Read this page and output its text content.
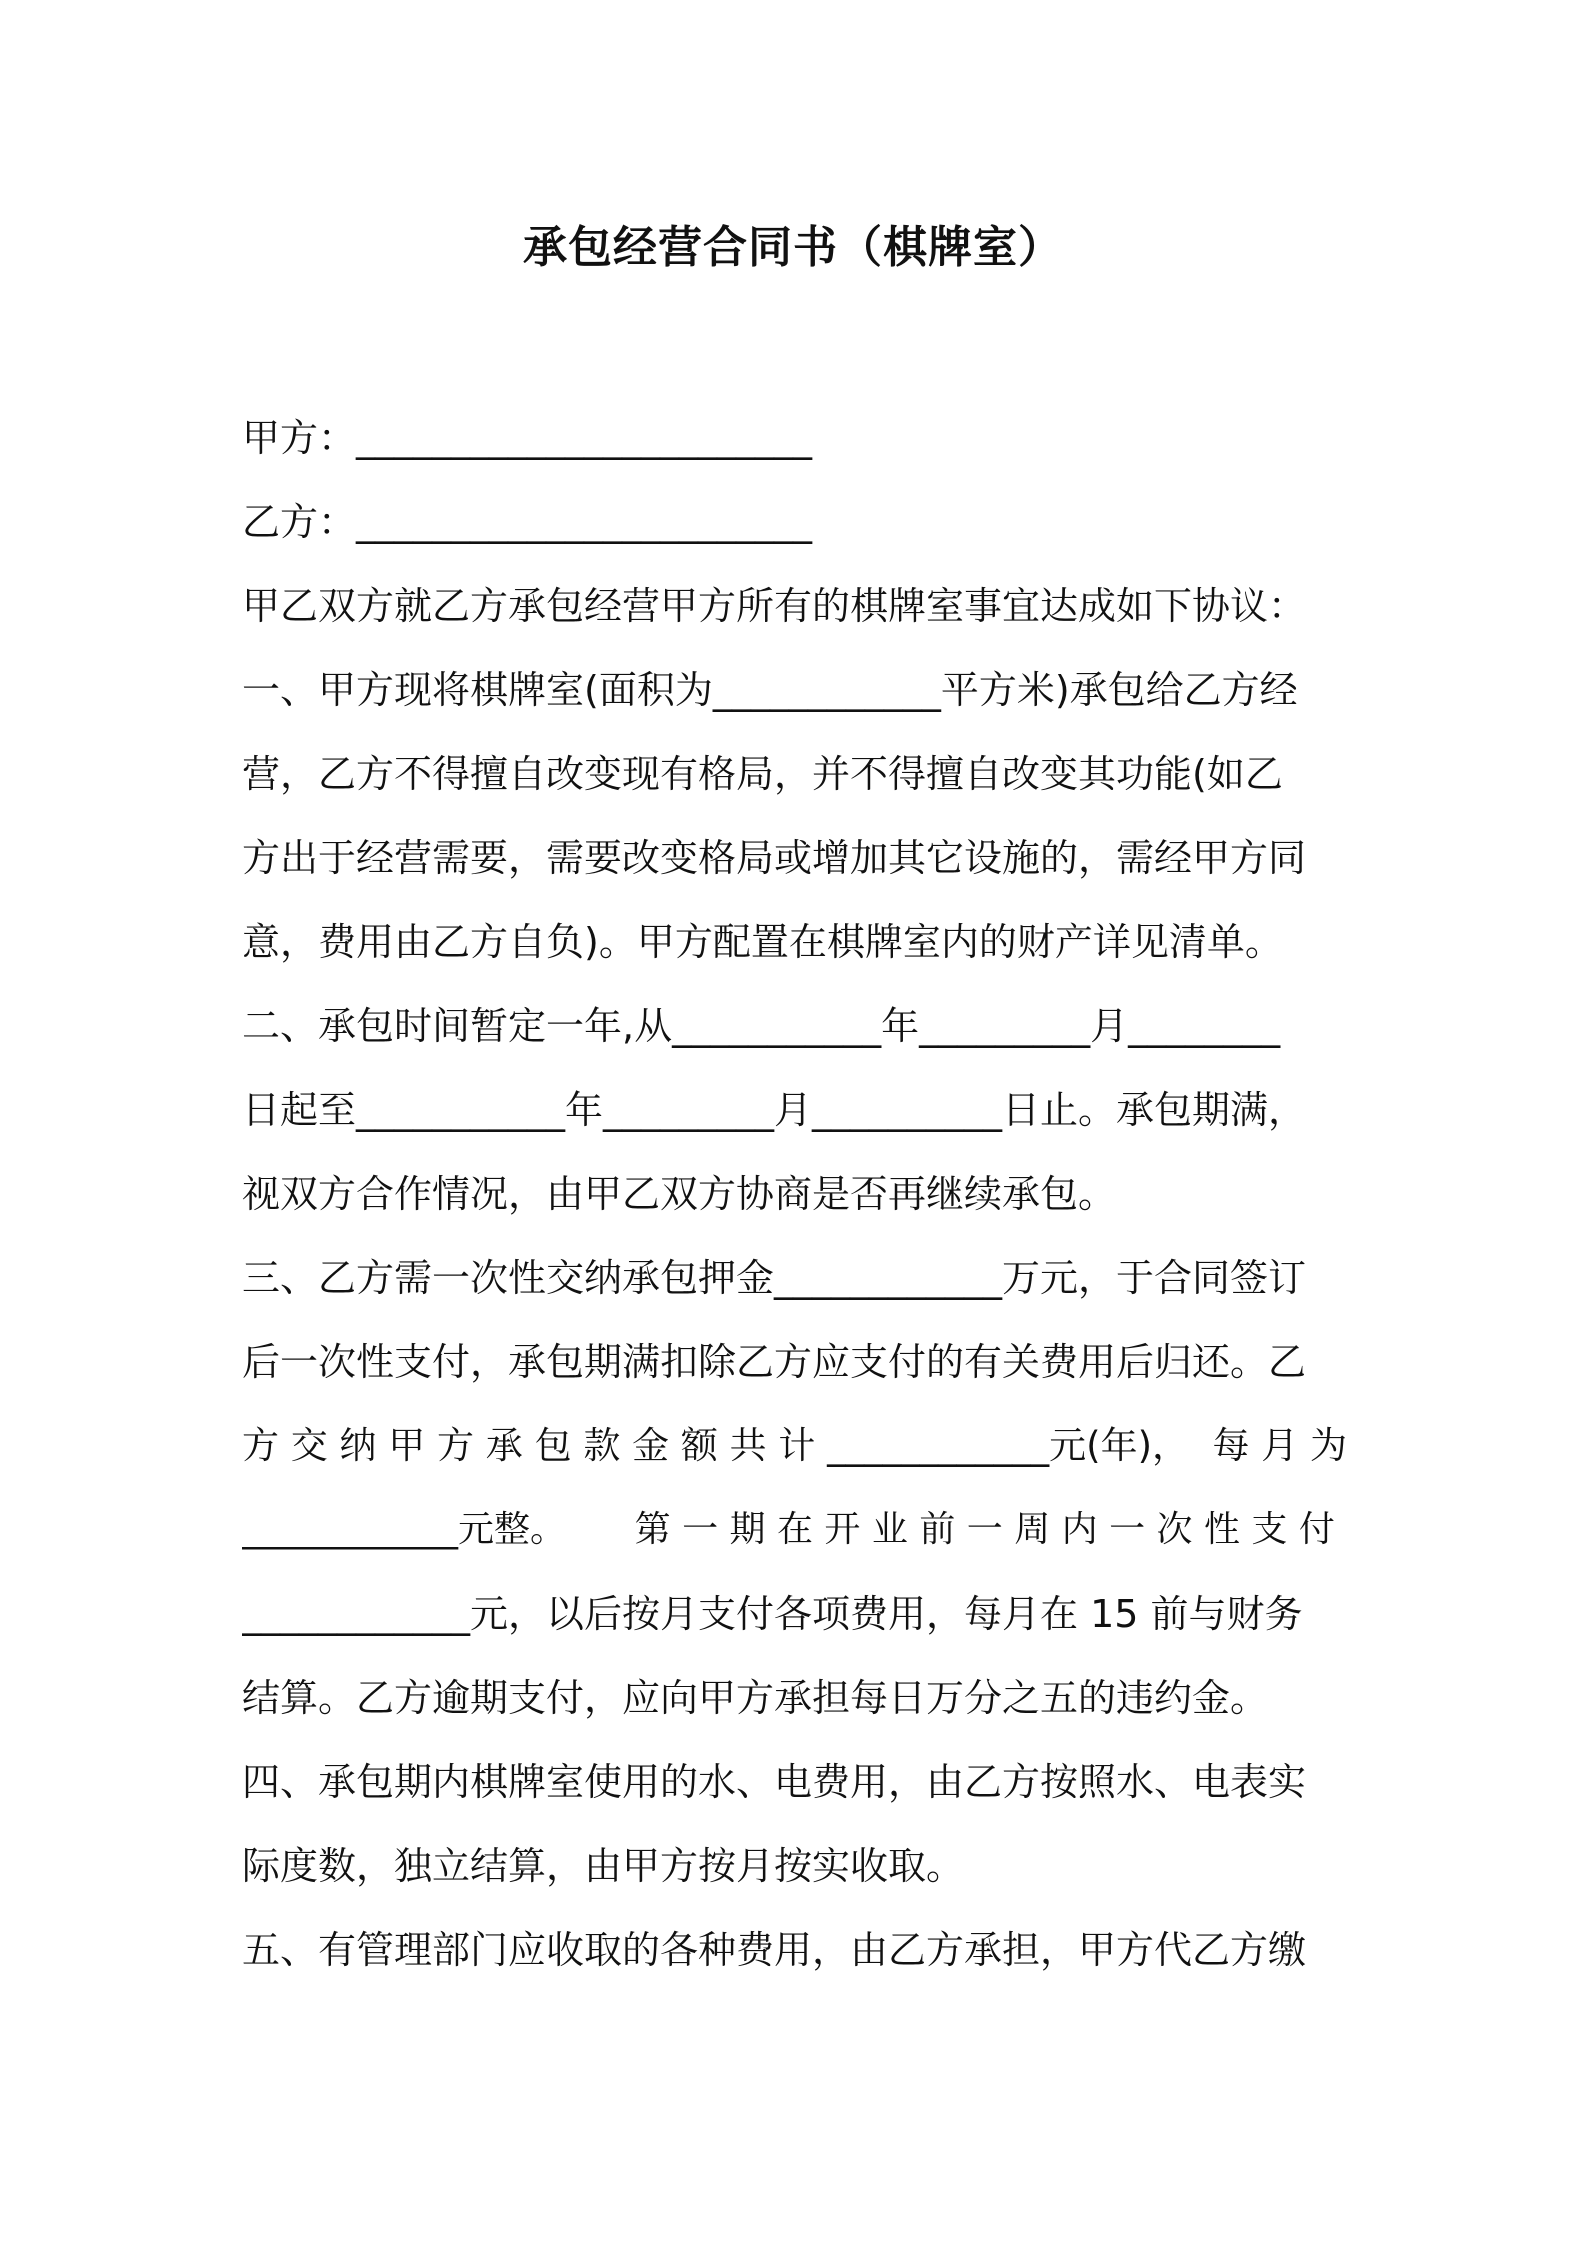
承包经营合同书（棋牌室）
甲方：________________________
乙方：________________________
甲乙双方就乙方承包经营甲方所有的棋牌室事宜达成如下协议：
一、甲方现将棋牌室(面积为____________平方米)承包给乙方经
营，乙方不得擅自改变现有格局，并不得擅自改变其功能(如乙
方出于经营需要，需要改变格局或增加其它设施的，需经甲方同
意，费用由乙方自负)。甲方配置在棋牌室内的财产详见清单。
二、承包时间暂定一年,从___________年_________月________
日起至___________年_________月__________日止。承包期满，
视双方合作情况，由甲乙双方协商是否再继续承包。
三、乙方需一次性交纳承包押金____________万元，于合同签订
后一次性支付，承包期满扣除乙方应支付的有关费用后归还。乙
方 交 纳 甲 方 承 包 款 金 额 共 计 ____________元(年)，  每 月 为
____________元整。      第 一 期 在 开 业 前 一 周 内 一 次 性 支 付
____________元，以后按月支付各项费用，每月在 15 前与财务
结算。乙方逾期支付，应向甲方承担每日万分之五的违约金。
四、承包期内棋牌室使用的水、电费用，由乙方按照水、电表实
际度数，独立结算，由甲方按月按实收取。
五、有管理部门应收取的各种费用，由乙方承担，甲方代乙方缴
